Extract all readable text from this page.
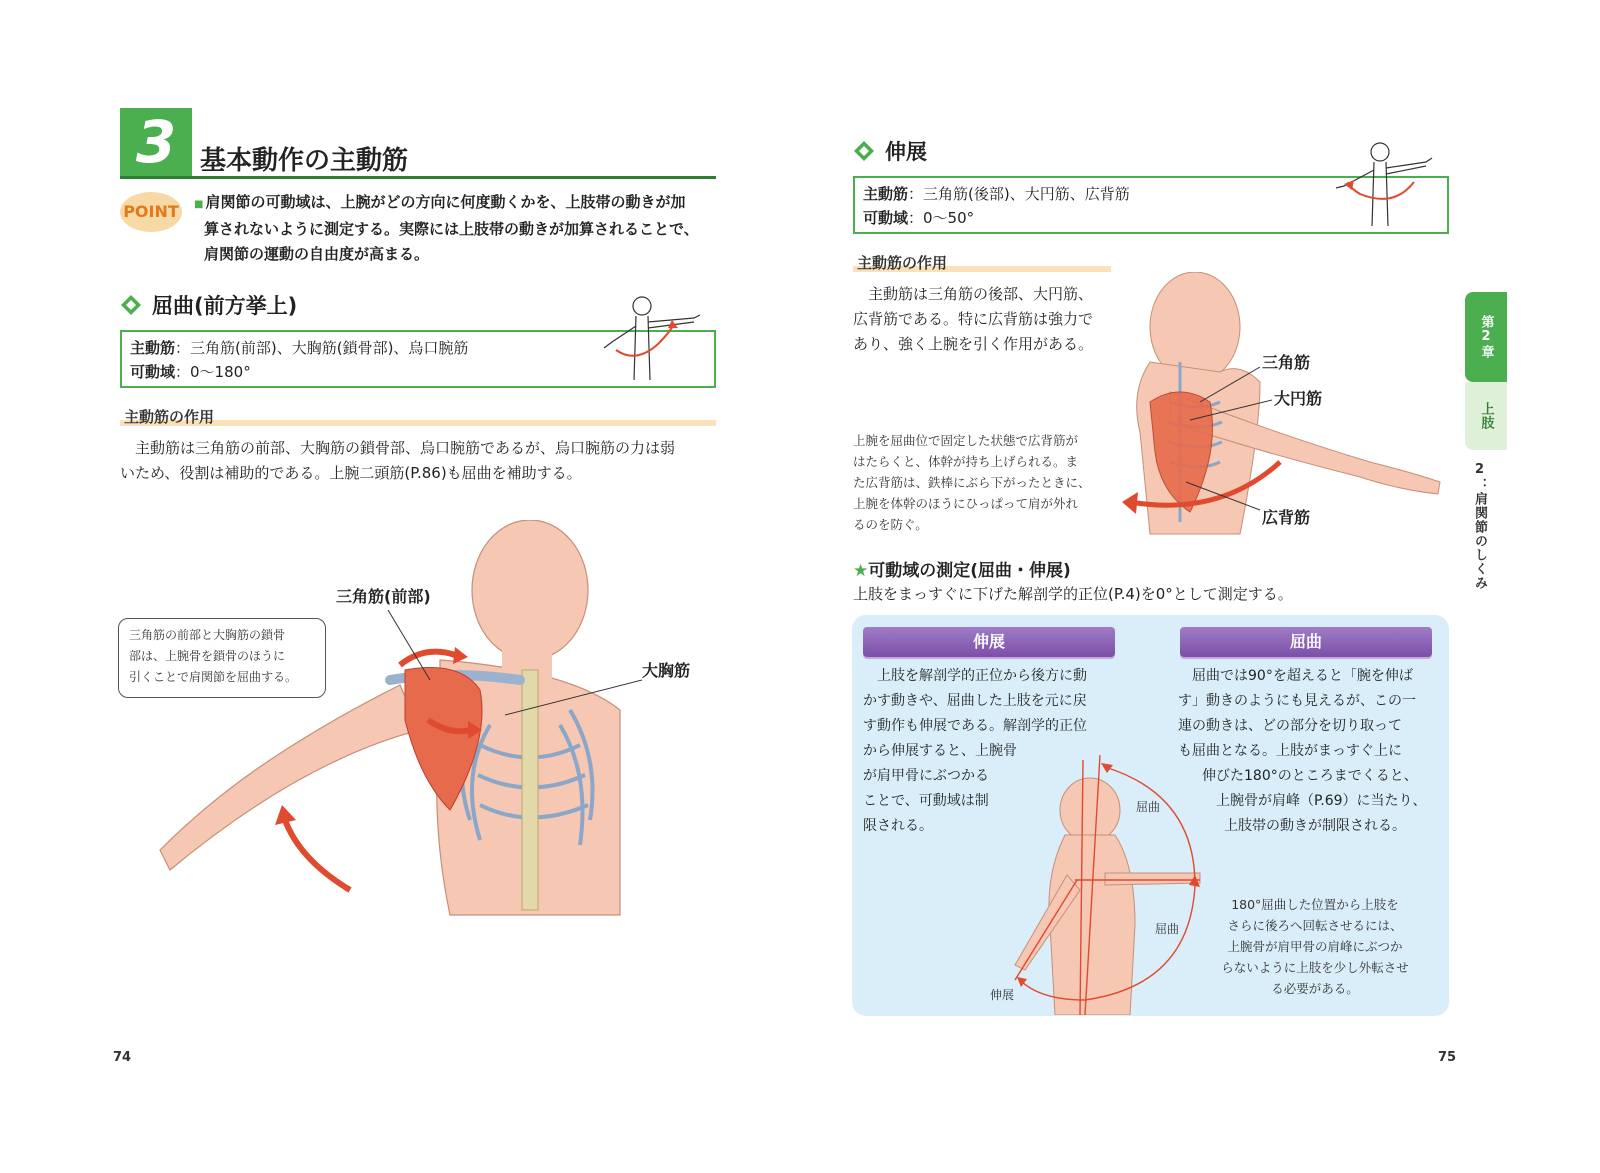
3 基本動作の主動筋
POINT	■ 肩関節の可動域は、上腕がどの方向に何度動くかを、上肢帯の動きが加
算されないように測定する。実際には上肢帯の動きが加算されることで、
肩関節の運動の自由度が高まる。
屈曲(前方挙上)
主動筋：三角筋(前部)、大胸筋(鎖骨部)、烏口腕筋
可動域：0～180°
主動筋の作用
主動筋は三角筋の前部、大胸筋の鎖骨部、烏口腕筋であるが、烏口腕筋の力は弱
いため、役割は補助的である。上腕二頭筋(P.86)も屈曲を補助する。
三角筋(前部)
大胸筋
三角筋の前部と大胸筋の鎖骨
部は、上腕骨を鎖骨のほうに
引くことで肩関節を屈曲する。
74
伸展
主動筋：三角筋(後部)、大円筋、広背筋
可動域：0～50°
主動筋の作用
主動筋は三角筋の後部、大円筋、
広背筋である。特に広背筋は強力で
あり、強く上腕を引く作用がある。
三角筋
大円筋
広背筋
上腕を屈曲位で固定した状態で広背筋が
はたらくと、体幹が持ち上げられる。ま
た広背筋は、鉄棒にぶら下がったときに、
上腕を体幹のほうにひっぱって肩が外れ
るのを防ぐ。
★可動域の測定(屈曲・伸展)
上肢をまっすぐに下げた解剖学的正位(P.4)を0°として測定する。
伸展	屈曲
上肢を解剖学的正位から後方に動
かす動きや、屈曲した上肢を元に戻
す動作も伸展である。解剖学的正位
から伸展すると、上腕骨
が肩甲骨にぶつかる
ことで、可動域は制
限される。
屈曲では90°を超えると「腕を伸ば
す」動きのようにも見えるが、この一
連の動きは、どの部分を切り取って
も屈曲となる。上肢がまっすぐ上に
伸びた180°のところまでくると、
上腕骨が肩峰（P.69）に当たり、
上肢帯の動きが制限される。
屈曲
屈曲
伸展
180°屈曲した位置から上肢を
さらに後ろへ回転させるには、
上腕骨が肩甲骨の肩峰にぶつか
らないように上肢を少し外転させ
る必要がある。
第2章
上肢
2：肩関節のしくみ
75
